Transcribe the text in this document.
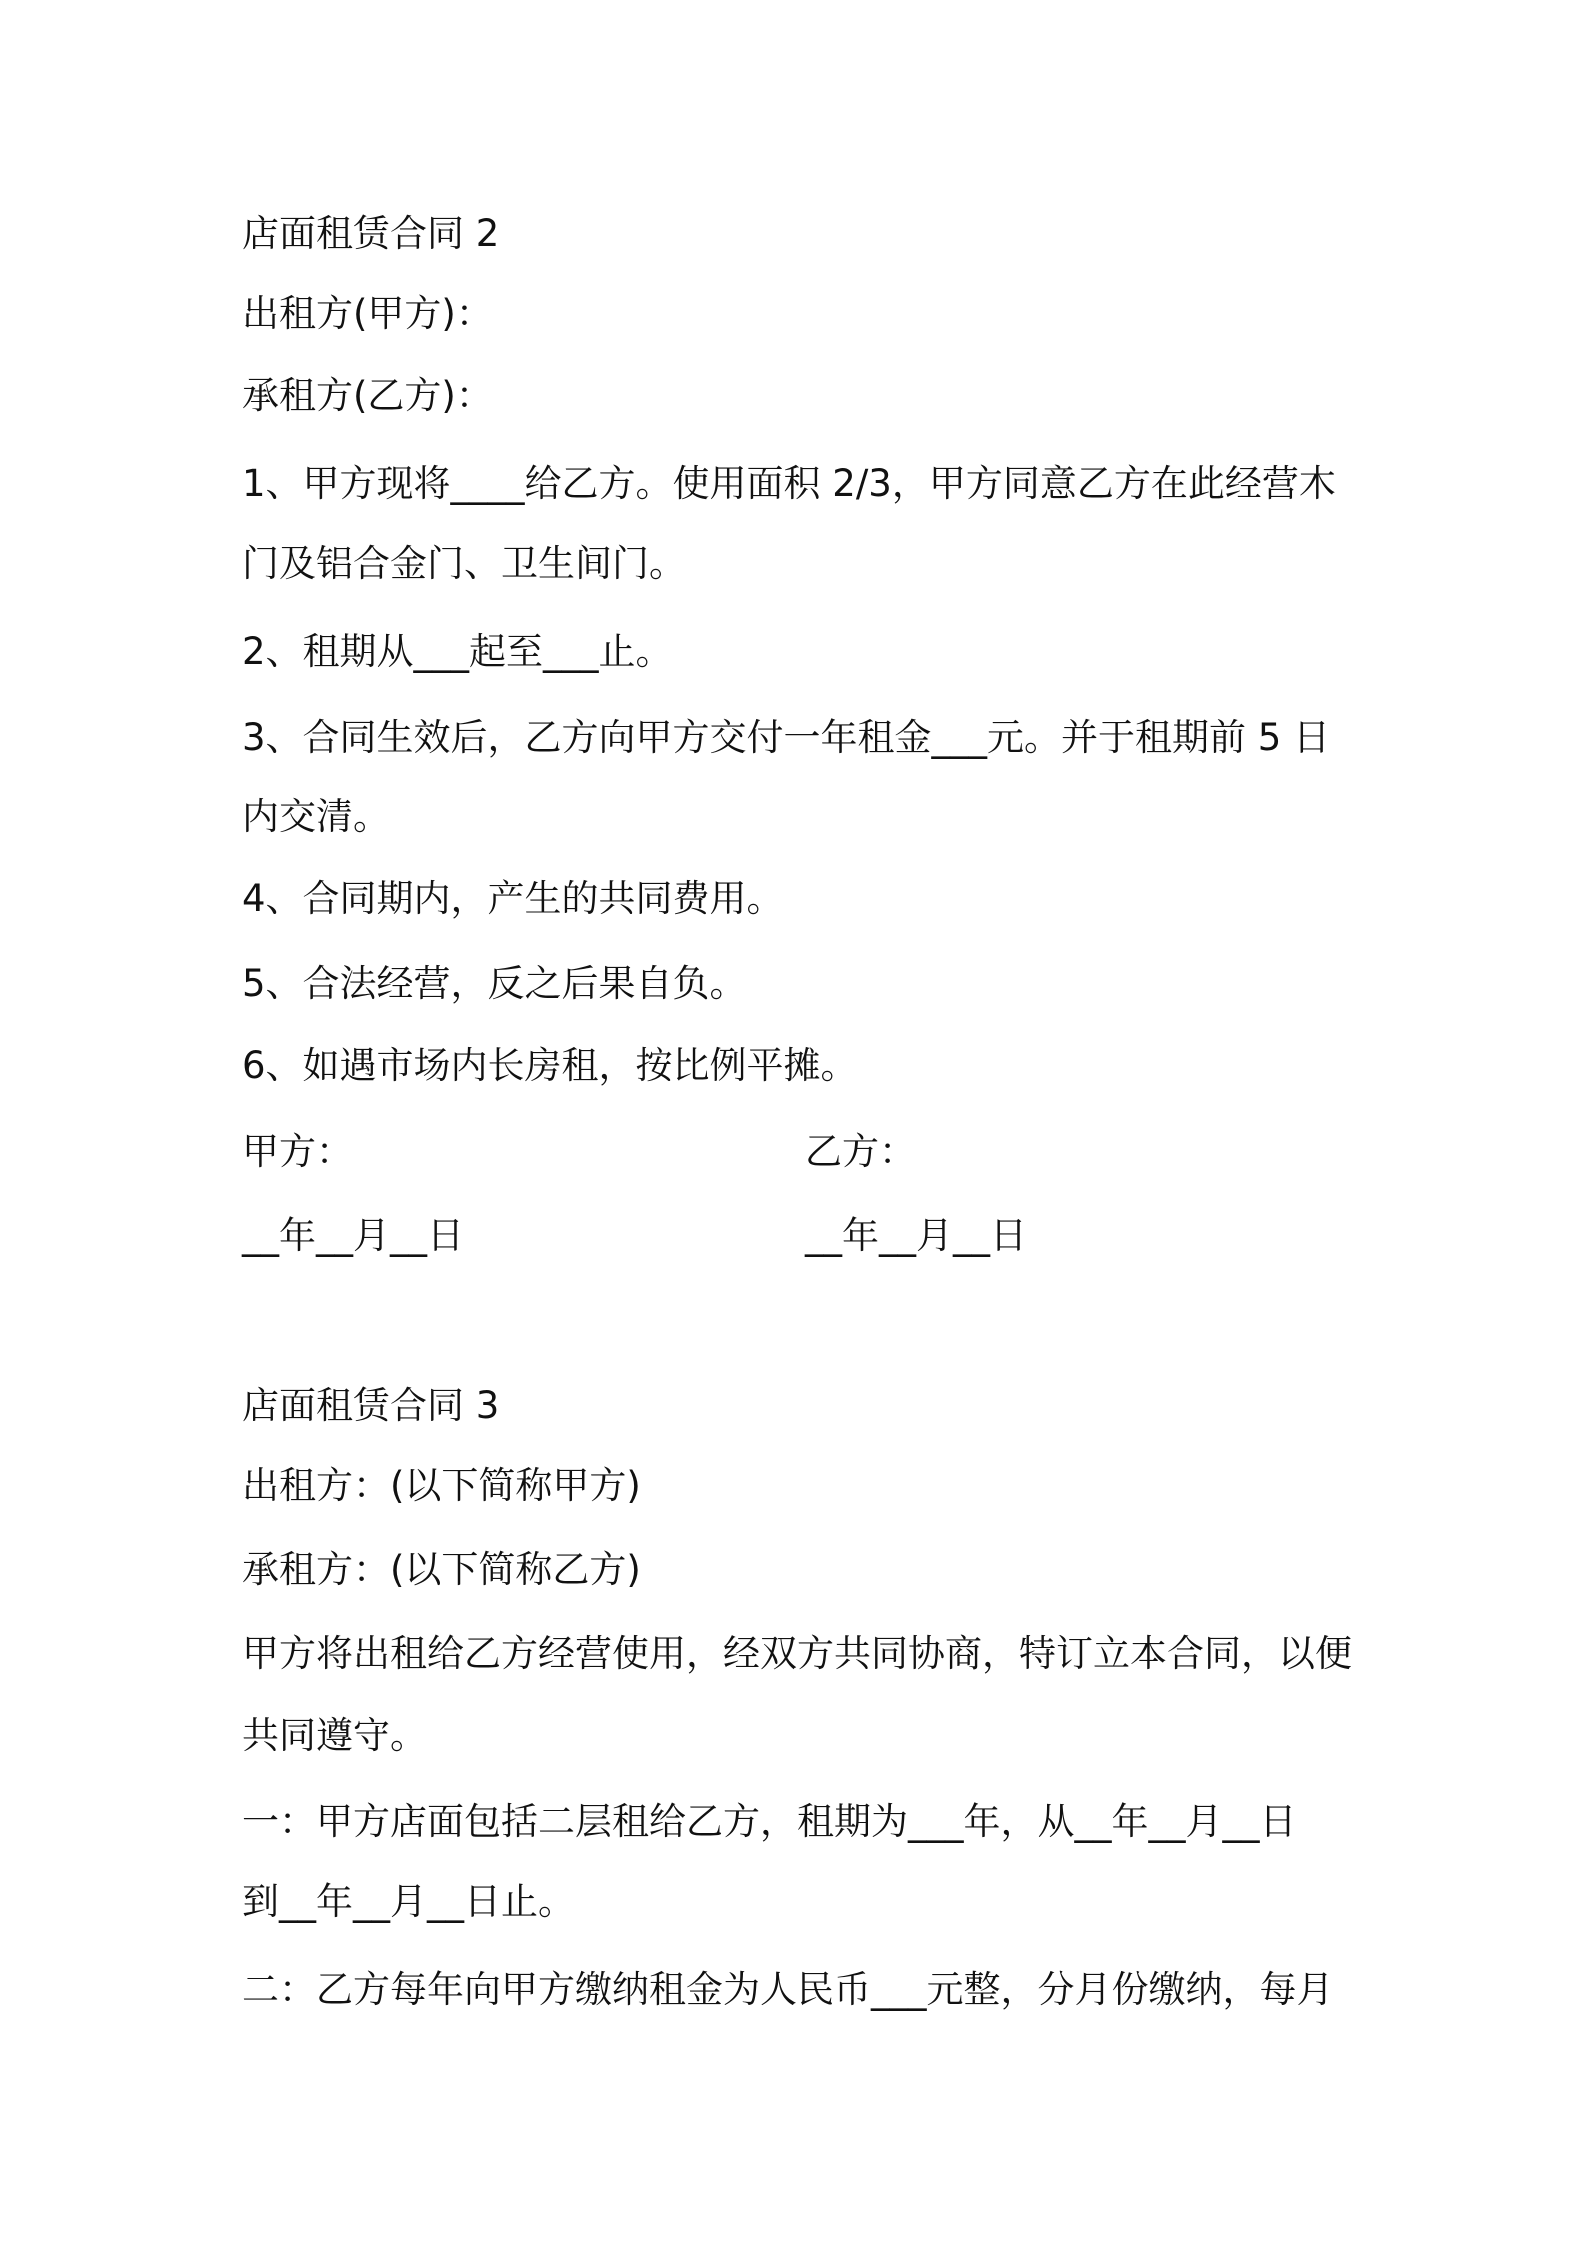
店面租赁合同 2
出租方(甲方)：
承租方(乙方)：
1、甲方现将____给乙方。使用面积 2/3，甲方同意乙方在此经营木
门及铝合金门、卫生间门。
2、租期从___起至___止。
3、合同生效后，乙方向甲方交付一年租金___元。并于租期前 5 日
内交清。
4、合同期内，产生的共同费用。
5、合法经营，反之后果自负。
6、如遇市场内长房租，按比例平摊。
甲方：	乙方：
__年__月__日	__年__月__日
店面租赁合同 3
出租方：(以下简称甲方)
承租方：(以下简称乙方)
甲方将出租给乙方经营使用，经双方共同协商，特订立本合同，以便
共同遵守。
一：甲方店面包括二层租给乙方，租期为___年，从__年__月__日
到__年__月__日止。
二：乙方每年向甲方缴纳租金为人民币___元整，分月份缴纳，每月
